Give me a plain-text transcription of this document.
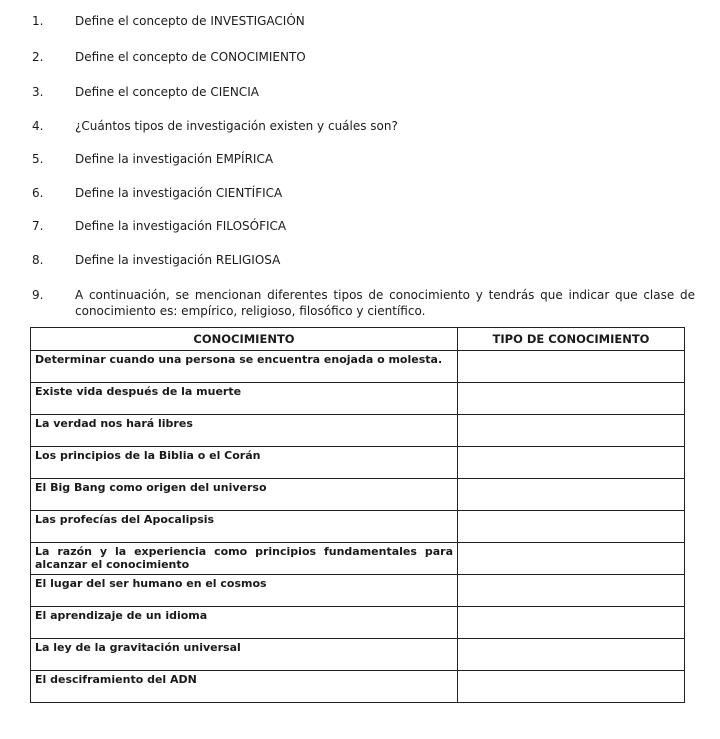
1.	Define el concepto de INVESTIGACIÓN
2.	Define el concepto de CONOCIMIENTO
3.	Define el concepto de CIENCIA
4.	¿Cuántos tipos de investigación existen y cuáles son?
5.	Define la investigación EMPÍRICA
6.	Define la investigación CIENTÍFICA
7.	Define la investigación FILOSÓFICA
8.	Define la investigación RELIGIOSA
9.	A continuación, se mencionan diferentes tipos de conocimiento y tendrás que indicar que clase de conocimiento es: empírico, religioso, filosófico y científico.
CONOCIMIENTO	TIPO DE CONOCIMIENTO
Determinar cuando una persona se encuentra enojada o molesta.	
Existe vida después de la muerte	
La verdad nos hará libres	
Los principios de la Biblia o el Corán	
El Big Bang como origen del universo	
Las profecías del Apocalipsis	
La razón y la experiencia como principios fundamentales para alcanzar el conocimiento	
El lugar del ser humano en el cosmos	
El aprendizaje de un idioma	
La ley de la gravitación universal	
El desciframiento del ADN	
